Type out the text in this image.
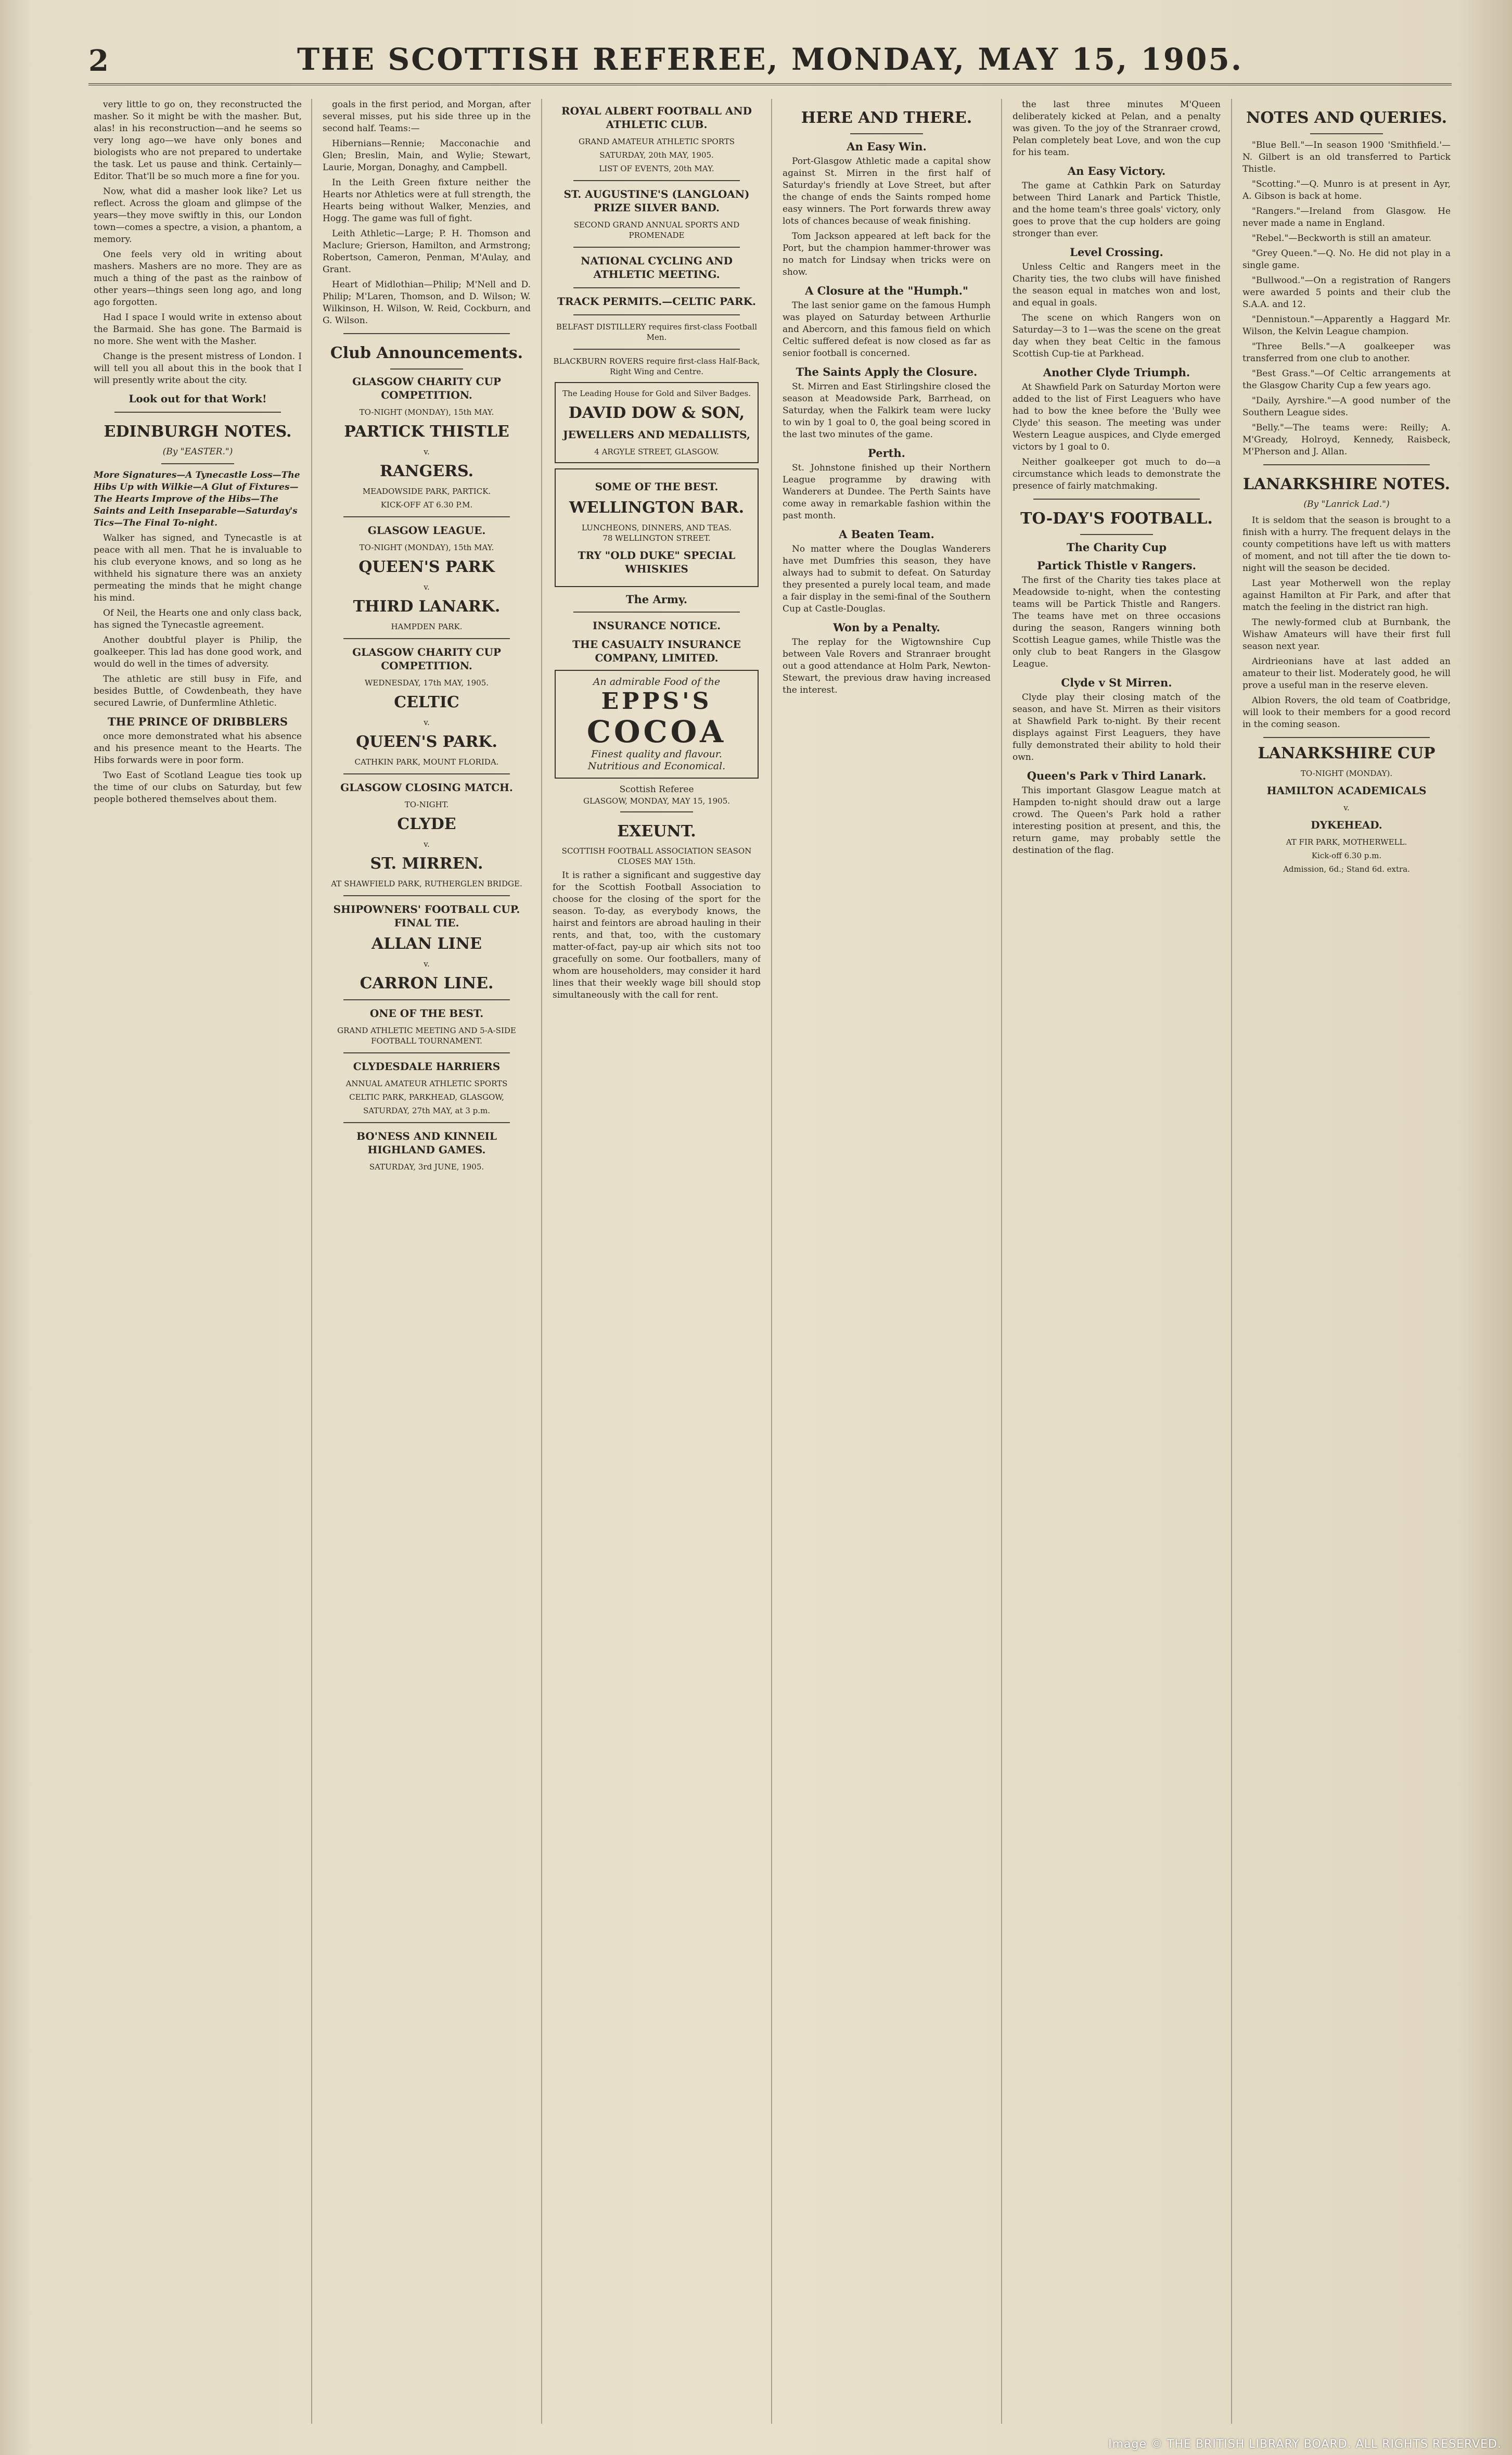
2	THE SCOTTISH REFEREE, MONDAY, MAY 15, 1905.

very little to go on, they reconstructed the masher. So it might be with the masher. But, alas! in his reconstruction—and he seems so very long ago—we have only bones and biologists who are not prepared to undertake the task. Let us pause and think. Certainly—Editor. That'll be so much more a fine for you.

Now, what did a masher look like? Let us reflect. Across the gloam and glimpse of the years—they move swiftly in this, our London town—comes a spectre, a vision, a phantom, a memory.

One feels very old in writing about mashers. Mashers are no more. They are as much a thing of the past as the rainbow of other years—things seen long ago, and long ago forgotten.

Had I space I would write in extenso about the Barmaid. She has gone. The Barmaid is no more. She went with the Masher.

Change is the present mistress of London. I will tell you all about this in the book that I will presently write about the city.

Look out for that Work!

EDINBURGH NOTES.

(By "EASTER.")

More Signatures—A Tynecastle Loss—The Hibs Up with Wilkie—A Glut of Fixtures—The Hearts Improve of the Hibs—The Saints and Leith Inseparable—Saturday's Tics—The Final To-night.

Walker has signed, and Tynecastle is at peace with all men. That he is invaluable to his club everyone knows, and so long as he withheld his signature there was an anxiety permeating the minds that he might change his mind.

Of Neil, the Hearts one and only class back, has signed the Tynecastle agreement.

Another doubtful player is Philip, the goalkeeper. This lad has done good work, and would do well in the times of adversity.

The athletic are still busy in Fife, and besides Buttle, of Cowdenbeath, they have secured Lawrie, of Dunfermline Athletic.

THE PRINCE OF DRIBBLERS

once more demonstrated what his absence and his presence meant to the Hearts. The Hibs forwards were in poor form.

Two East of Scotland League ties took up the time of our clubs on Saturday, but few people bothered themselves about them.

goals in the first period, and Morgan, after several misses, put his side three up in the second half. Teams:—

Hibernians—Rennie; Macconachie and Glen; Breslin, Main, and Wylie; Stewart, Laurie, Morgan, Donaghy, and Campbell.

In the Leith Green fixture neither the Hearts nor Athletics were at full strength, the Hearts being without Walker, Menzies, and Hogg. The game was full of fight.

Leith Athletic—Large; P. H. Thomson and Maclure; Grierson, Hamilton, and Armstrong; Robertson, Cameron, Penman, M'Aulay, and Grant.

Heart of Midlothian—Philip; M'Nell and D. Philip; M'Laren, Thomson, and D. Wilson; W. Wilkinson, H. Wilson, W. Reid, Cockburn, and G. Wilson.

Club Announcements.

GLASGOW CHARITY CUP COMPETITION.

TO-NIGHT (MONDAY), 15th MAY.

PARTICK THISTLE

v.

RANGERS.

MEADOWSIDE PARK, PARTICK.

KICK-OFF AT 6.30 P.M.

GLASGOW LEAGUE.

TO-NIGHT (MONDAY), 15th MAY.

QUEEN'S PARK

v.

THIRD LANARK.

HAMPDEN PARK.

GLASGOW CHARITY CUP COMPETITION.

WEDNESDAY, 17th MAY, 1905.

CELTIC

v.

QUEEN'S PARK.

CATHKIN PARK, MOUNT FLORIDA.

GLASGOW CLOSING MATCH.

TO-NIGHT.

CLYDE

v.

ST. MIRREN.

AT SHAWFIELD PARK, RUTHERGLEN BRIDGE.

SHIPOWNERS' FOOTBALL CUP. FINAL TIE.

ALLAN LINE

v.

CARRON LINE.

ONE OF THE BEST.

GRAND ATHLETIC MEETING AND 5-A-SIDE FOOTBALL TOURNAMENT.

CLYDESDALE HARRIERS

ANNUAL AMATEUR ATHLETIC SPORTS

CELTIC PARK, PARKHEAD, GLASGOW,

SATURDAY, 27th MAY, at 3 p.m.

BO'NESS AND KINNEIL HIGHLAND GAMES.

SATURDAY, 3rd JUNE, 1905.

ROYAL ALBERT FOOTBALL AND ATHLETIC CLUB.

GRAND AMATEUR ATHLETIC SPORTS

SATURDAY, 20th MAY, 1905.

LIST OF EVENTS, 20th MAY.

ST. AUGUSTINE'S (LANGLOAN) PRIZE SILVER BAND.

SECOND GRAND ANNUAL SPORTS AND PROMENADE

NATIONAL CYCLING AND ATHLETIC MEETING.

TRACK PERMITS.—CELTIC PARK.

BELFAST DISTILLERY requires first-class Football Men.

BLACKBURN ROVERS require first-class Half-Back, Right Wing and Centre.

The Leading House for Gold and Silver Badges.
DAVID DOW & SON,
JEWELLERS AND MEDALLISTS,
4 ARGYLE STREET, GLASGOW.
SOME OF THE BEST.
WELLINGTON BAR.
LUNCHEONS, DINNERS, AND TEAS.
78 WELLINGTON STREET.
TRY "OLD DUKE" SPECIAL WHISKIES

The Army.

INSURANCE NOTICE.

THE CASUALTY INSURANCE COMPANY, LIMITED.

An admirable Food of the
EPPS'S
COCOA
Finest quality and flavour.
Nutritious and Economical.
Scottish Referee

GLASGOW, MONDAY, MAY 15, 1905.

EXEUNT.

SCOTTISH FOOTBALL ASSOCIATION SEASON CLOSES MAY 15th.

It is rather a significant and suggestive day for the Scottish Football Association to choose for the closing of the sport for the season. To-day, as everybody knows, the hairst and feintors are abroad hauling in their rents, and that, too, with the customary matter-of-fact, pay-up air which sits not too gracefully on some. Our footballers, many of whom are householders, may consider it hard lines that their weekly wage bill should stop simultaneously with the call for rent.

HERE AND THERE.

An Easy Win.

Port-Glasgow Athletic made a capital show against St. Mirren in the first half of Saturday's friendly at Love Street, but after the change of ends the Saints romped home easy winners. The Port forwards threw away lots of chances because of weak finishing.

Tom Jackson appeared at left back for the Port, but the champion hammer-thrower was no match for Lindsay when tricks were on show.

A Closure at the "Humph."

The last senior game on the famous Humph was played on Saturday between Arthurlie and Abercorn, and this famous field on which Celtic suffered defeat is now closed as far as senior football is concerned.

The Saints Apply the Closure.

St. Mirren and East Stirlingshire closed the season at Meadowside Park, Barrhead, on Saturday, when the Falkirk team were lucky to win by 1 goal to 0, the goal being scored in the last two minutes of the game.

Perth.

St. Johnstone finished up their Northern League programme by drawing with Wanderers at Dundee. The Perth Saints have come away in remarkable fashion within the past month.

A Beaten Team.

No matter where the Douglas Wanderers have met Dumfries this season, they have always had to submit to defeat. On Saturday they presented a purely local team, and made a fair display in the semi-final of the Southern Cup at Castle-Douglas.

Won by a Penalty.

The replay for the Wigtownshire Cup between Vale Rovers and Stranraer brought out a good attendance at Holm Park, Newton-Stewart, the previous draw having increased the interest.

the last three minutes M'Queen deliberately kicked at Pelan, and a penalty was given. To the joy of the Stranraer crowd, Pelan completely beat Love, and won the cup for his team.

An Easy Victory.

The game at Cathkin Park on Saturday between Third Lanark and Partick Thistle, and the home team's three goals' victory, only goes to prove that the cup holders are going stronger than ever.

Level Crossing.

Unless Celtic and Rangers meet in the Charity ties, the two clubs will have finished the season equal in matches won and lost, and equal in goals.

The scene on which Rangers won on Saturday—3 to 1—was the scene on the great day when they beat Celtic in the famous Scottish Cup-tie at Parkhead.

Another Clyde Triumph.

At Shawfield Park on Saturday Morton were added to the list of First Leaguers who have had to bow the knee before the 'Bully wee Clyde' this season. The meeting was under Western League auspices, and Clyde emerged victors by 1 goal to 0.

Neither goalkeeper got much to do—a circumstance which leads to demonstrate the presence of fairly matchmaking.

TO-DAY'S FOOTBALL.

The Charity Cup

Partick Thistle v Rangers.

The first of the Charity ties takes place at Meadowside to-night, when the contesting teams will be Partick Thistle and Rangers. The teams have met on three occasions during the season, Rangers winning both Scottish League games, while Thistle was the only club to beat Rangers in the Glasgow League.

Clyde v St Mirren.

Clyde play their closing match of the season, and have St. Mirren as their visitors at Shawfield Park to-night. By their recent displays against First Leaguers, they have fully demonstrated their ability to hold their own.

Queen's Park v Third Lanark.

This important Glasgow League match at Hampden to-night should draw out a large crowd. The Queen's Park hold a rather interesting position at present, and this, the return game, may probably settle the destination of the flag.

NOTES AND QUERIES.

"Blue Bell."—In season 1900 'Smithfield.'—N. Gilbert is an old transferred to Partick Thistle.

"Scotting."—Q. Munro is at present in Ayr, A. Gibson is back at home.

"Rangers."—Ireland from Glasgow. He never made a name in England.

"Rebel."—Beckworth is still an amateur.

"Grey Queen."—Q. No. He did not play in a single game.

"Bullwood."—On a registration of Rangers were awarded 5 points and their club the S.A.A. and 12.

"Dennistoun."—Apparently a Haggard Mr. Wilson, the Kelvin League champion.

"Three Bells."—A goalkeeper was transferred from one club to another.

"Best Grass."—Of Celtic arrangements at the Glasgow Charity Cup a few years ago.

"Daily, Ayrshire."—A good number of the Southern League sides.

"Belly."—The teams were: Reilly; A. M'Gready, Holroyd, Kennedy, Raisbeck, M'Pherson and J. Allan.

LANARKSHIRE NOTES.

(By "Lanrick Lad.")

It is seldom that the season is brought to a finish with a hurry. The frequent delays in the county competitions have left us with matters of moment, and not till after the tie down to-night will the season be decided.

Last year Motherwell won the replay against Hamilton at Fir Park, and after that match the feeling in the district ran high.

The newly-formed club at Burnbank, the Wishaw Amateurs will have their first full season next year.

Airdrieonians have at last added an amateur to their list. Moderately good, he will prove a useful man in the reserve eleven.

Albion Rovers, the old team of Coatbridge, will look to their members for a good record in the coming season.

LANARKSHIRE CUP

TO-NIGHT (MONDAY).

HAMILTON ACADEMICALS

v.

DYKEHEAD.

AT FIR PARK, MOTHERWELL.

Kick-off 6.30 p.m.

Admission, 6d.; Stand 6d. extra.

Image © THE BRITISH LIBRARY BOARD. ALL RIGHTS RESERVED.
